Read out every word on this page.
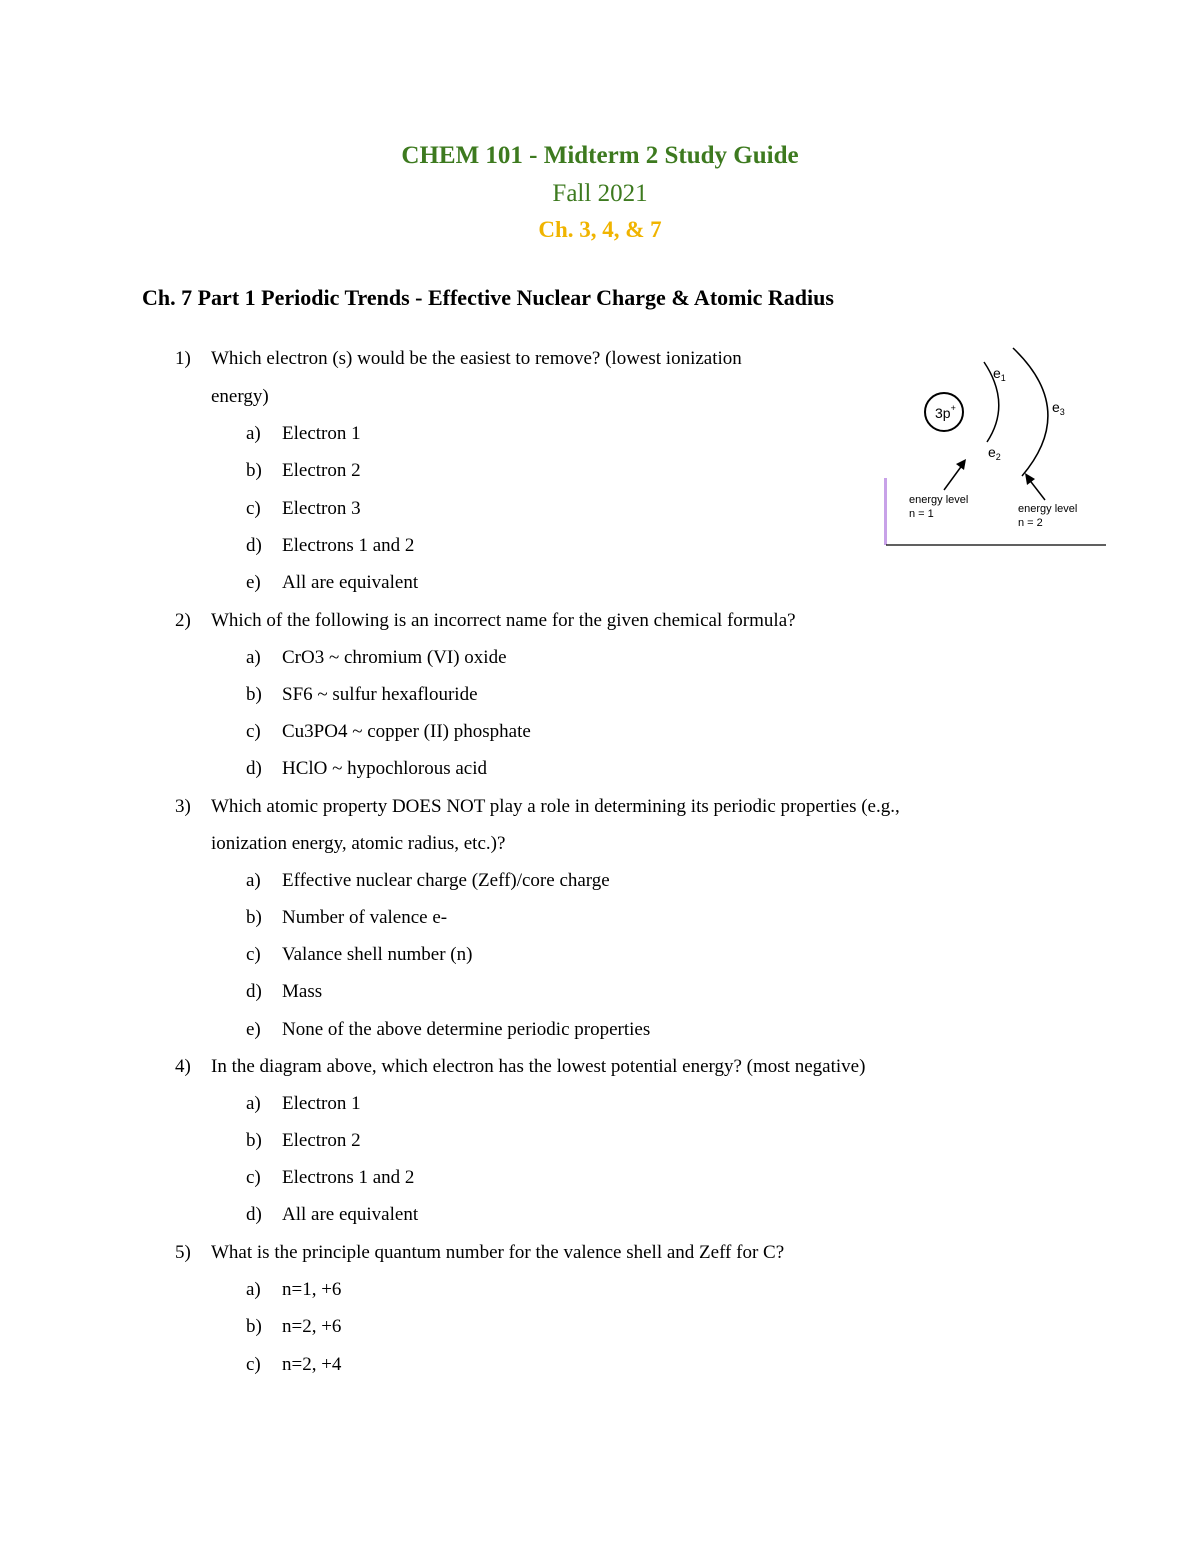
CHEM 101 - Midterm 2 Study Guide
Fall 2021
Ch. 3, 4, & 7
Ch. 7 Part 1 Periodic Trends - Effective Nuclear Charge & Atomic Radius
1)	Which electron (s) would be the easiest to remove? (lowest ionization
energy)
a)	Electron 1
b)	Electron 2
c)	Electron 3
d)	Electrons 1 and 2
e)	All are equivalent
2)	Which of the following is an incorrect name for the given chemical formula?
a)	CrO3 ~ chromium (VI) oxide
b)	SF6 ~ sulfur hexaflouride
c)	Cu3PO4 ~ copper (II) phosphate
d)	HClO ~ hypochlorous acid
3)	Which atomic property DOES NOT play a role in determining its periodic properties (e.g.,
ionization energy, atomic radius, etc.)?
a)	Effective nuclear charge (Zeff)/core charge
b)	Number of valence e-
c)	Valance shell number (n)
d)	Mass
e)	None of the above determine periodic properties
4)	In the diagram above, which electron has the lowest potential energy? (most negative)
a)	Electron 1
b)	Electron 2
c)	Electrons 1 and 2
d)	All are equivalent
5)	What is the principle quantum number for the valence shell and Zeff for C?
a)	n=1, +6
b)	n=2, +6
c)	n=2, +4
3p+
$e_1$
$e_2$
$e_3$
energy level
n = 1	energy level
n = 2
